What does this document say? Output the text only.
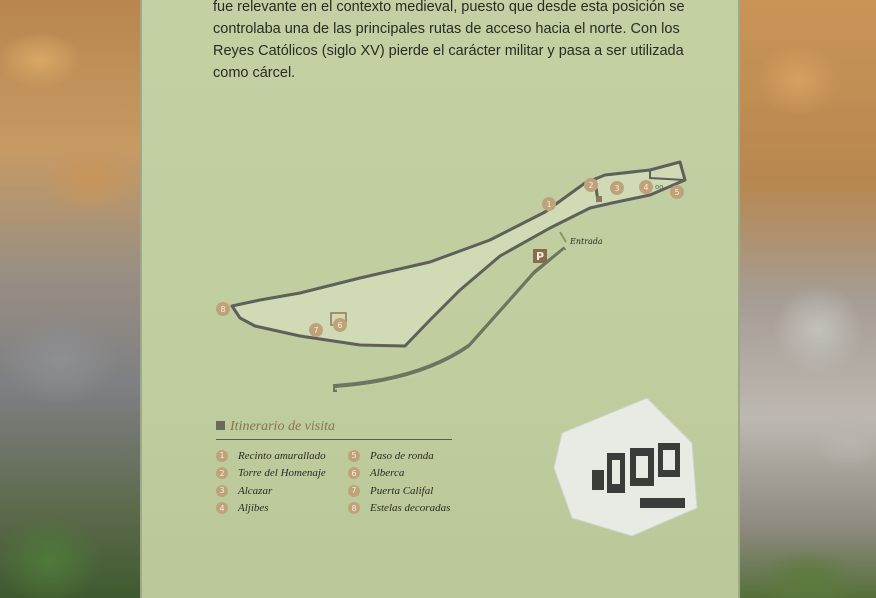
fue relevante en el contexto medieval, puesto que desde esta posición se
controlaba una de las principales rutas de acceso hacia el norte. Con los
Reyes Católicos (siglo XV) pierde el carácter militar y pasa a ser utilizada
como cárcel.

P
Entrada
1
2	3	4 oo
5
6
7
8
Itinerario de visita
1	Recinto amurallado
2	Torre del Homenaje
3	Alcazar
4	Aljibes
5	Paso de ronda
6	Alberca
7	Puerta Califal
8	Estelas decoradas
